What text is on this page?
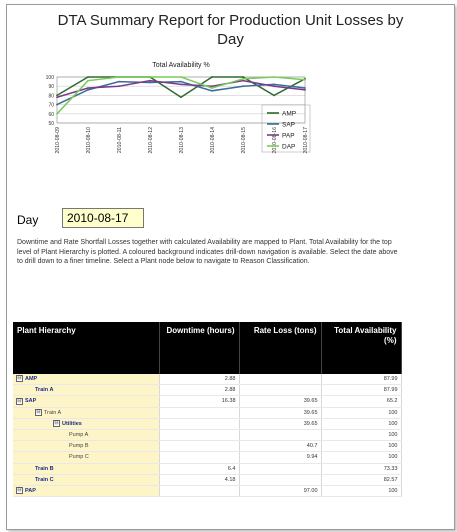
DTA Summary Report for Production Unit Losses by
Day
Total Availability %
100
90
80
70
60
50
2010-08-09	2010-08-10	2010-08-11	2010-08-12	2010-08-13	2010-08-14	2010-08-15	2010-08-16	2010-08-17
AMP
SAP
PAP
DAP
Day
2010-08-17

Downtime and Rate Shortfall Losses together with calculated Availability are mapped to Plant. Total Availability for the top level of Plant Hierarchy is plotted. A coloured background indicates drill-down navigation is available. Select the date above to drill down to a finer timeline. Select a Plant node below to navigate to Reason Classification.

Plant Hierarchy	Downtime (hours)	Rate Loss (tons)	Total Availability (%)
⊟ AMP	2.88		87.99
Train A	2.88		87.99
⊟ SAP	16.38	39.65	65.2
⊟ Train A		39.65	100
⊟ Utilities		39.65	100
Pump A			100
Pump B		40.7	100
Pump C		9.94	100
Train B	6.4		73.33
Train C	4.18		82.57
⊟ PAP		97.00	100
